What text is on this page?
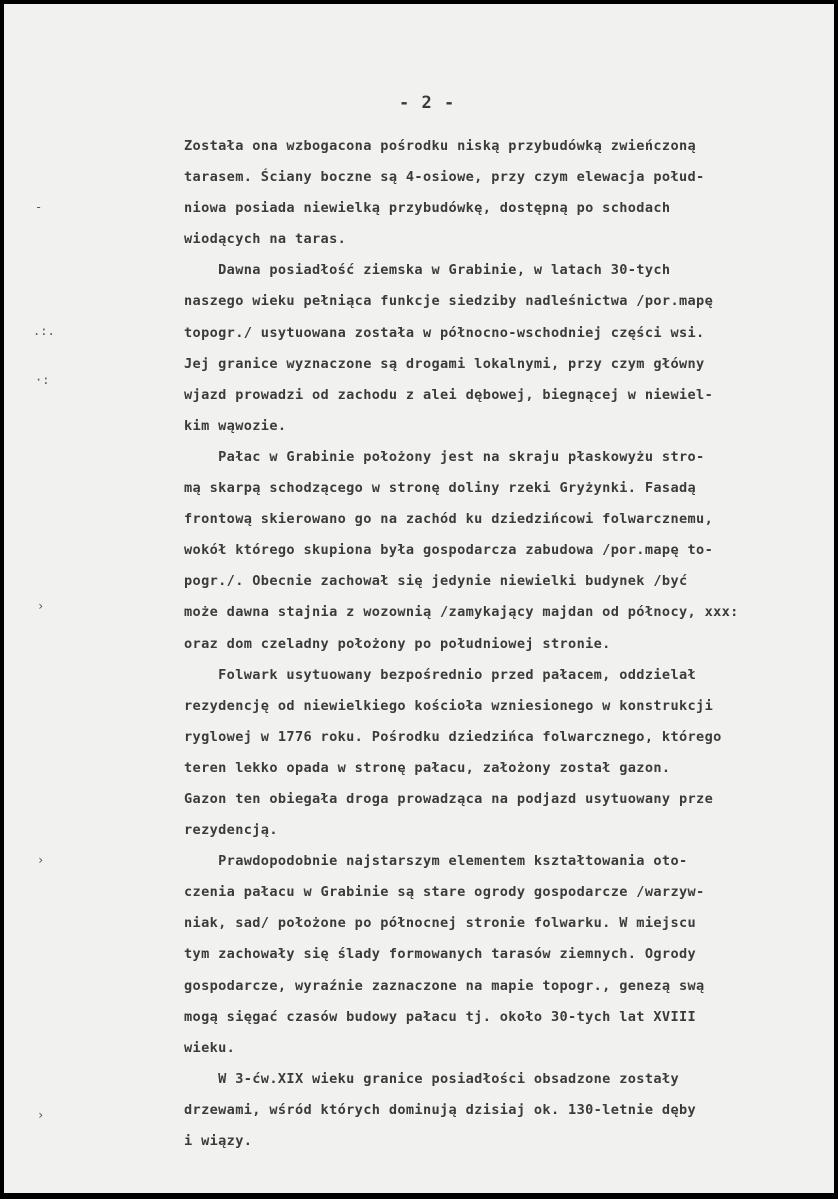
- 2 -
-
.:.
·:
›
›
›
Została ona wzbogacona pośrodku niską przybudówką zwieńczoną
tarasem. Ściany boczne są 4-osiowe, przy czym elewacja połud-
niowa posiada niewielką przybudówkę, dostępną po schodach
wiodących na taras.
Dawna posiadłość ziemska w Grabinie, w latach 30-tych
naszego wieku pełniąca funkcje siedziby nadleśnictwa /por.mapę
topogr./ usytuowana została w północno-wschodniej części wsi.
Jej granice wyznaczone są drogami lokalnymi, przy czym główny
wjazd prowadzi od zachodu z alei dębowej, biegnącej w niewiel-
kim wąwozie.
Pałac w Grabinie położony jest na skraju płaskowyżu stro-
mą skarpą schodzącego w stronę doliny rzeki Gryżynki. Fasadą
frontową skierowano go na zachód ku dziedzińcowi folwarcznemu,
wokół którego skupiona była gospodarcza zabudowa /por.mapę to-
pogr./. Obecnie zachował się jedynie niewielki budynek /być
może dawna stajnia z wozownią /zamykający majdan od północy, xxx:
oraz dom czeladny położony po południowej stronie.
Folwark usytuowany bezpośrednio przed pałacem, oddzielał
rezydencję od niewielkiego kościoła wzniesionego w konstrukcji
ryglowej w 1776 roku. Pośrodku dziedzińca folwarcznego, którego
teren lekko opada w stronę pałacu, założony został gazon.
Gazon ten obiegała droga prowadząca na podjazd usytuowany prze
rezydencją.
Prawdopodobnie najstarszym elementem kształtowania oto-
czenia pałacu w Grabinie są stare ogrody gospodarcze /warzyw-
niak, sad/ położone po północnej stronie folwarku. W miejscu
tym zachowały się ślady formowanych tarasów ziemnych. Ogrody
gospodarcze, wyraźnie zaznaczone na mapie topogr., genezą swą
mogą sięgać czasów budowy pałacu tj. około 30-tych lat XVIII
wieku.
W 3-ćw.XIX wieku granice posiadłości obsadzone zostały
drzewami, wśród których dominują dzisiaj ok. 130-letnie dęby
i wiązy.
